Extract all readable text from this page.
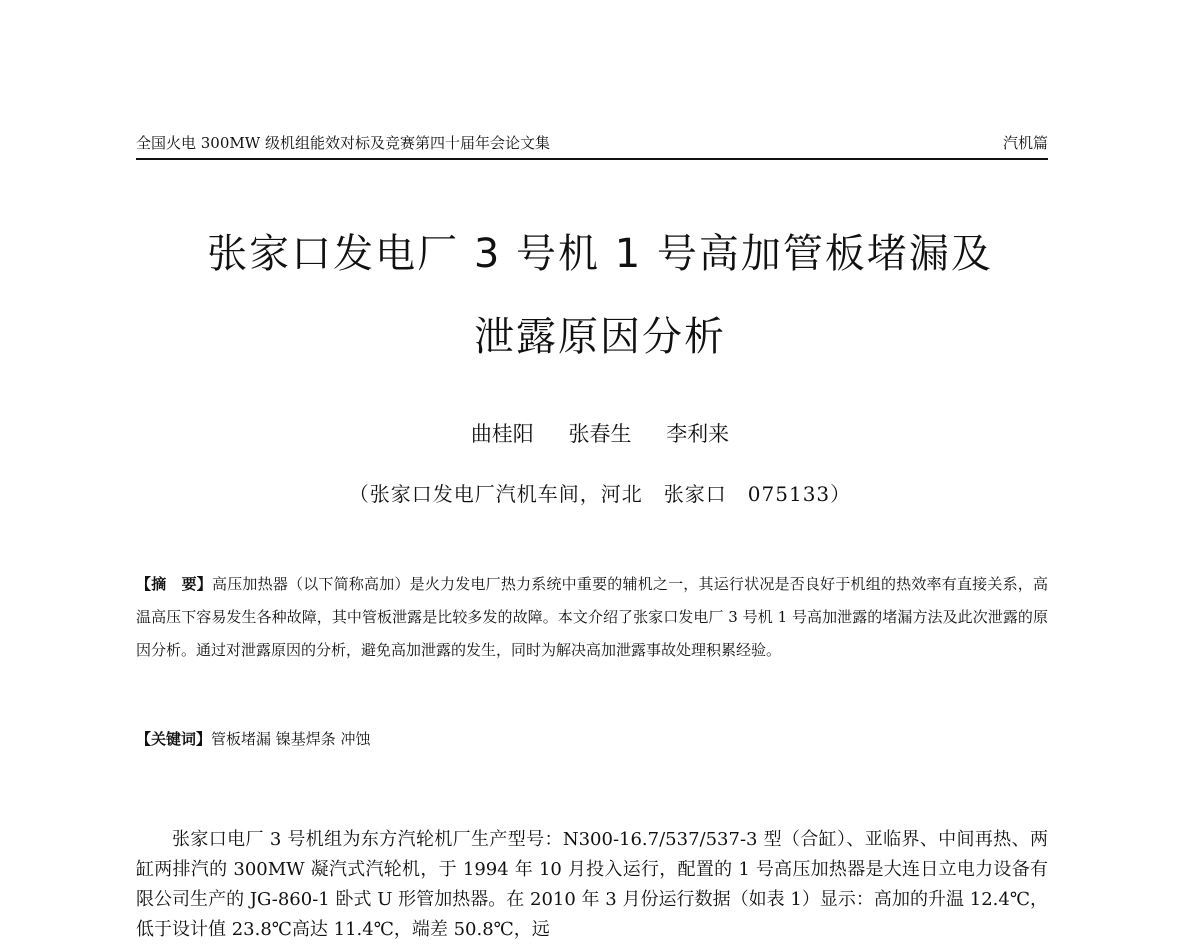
全国火电 300MW 级机组能效对标及竞赛第四十届年会论文集	汽机篇
张家口发电厂 3 号机 1 号高加管板堵漏及
泄露原因分析
曲桂阳 张春生 李利来
（张家口发电厂汽机车间，河北　张家口　075133）

【摘　要】高压加热器（以下简称高加）是火力发电厂热力系统中重要的辅机之一，其运行状况是否良好于机组的热效率有直接关系，高温高压下容易发生各种故障，其中管板泄露是比较多发的故障。本文介绍了张家口发电厂 3 号机 1 号高加泄露的堵漏方法及此次泄露的原因分析。通过对泄露原因的分析，避免高加泄露的发生，同时为解决高加泄露事故处理积累经验。

【关键词】管板堵漏 镍基焊条 冲蚀

张家口电厂 3 号机组为东方汽轮机厂生产型号：N300-16.7/537/537-3 型（合缸）、亚临界、中间再热、两缸两排汽的 300MW 凝汽式汽轮机，于 1994 年 10 月投入运行，配置的 1 号高压加热器是大连日立电力设备有限公司生产的 JG-860-1 卧式 U 形管加热器。在 2010 年 3 月份运行数据（如表 1）显示：高加的升温 12.4℃，低于设计值 23.8℃高达 11.4℃，端差 50.8℃，远
